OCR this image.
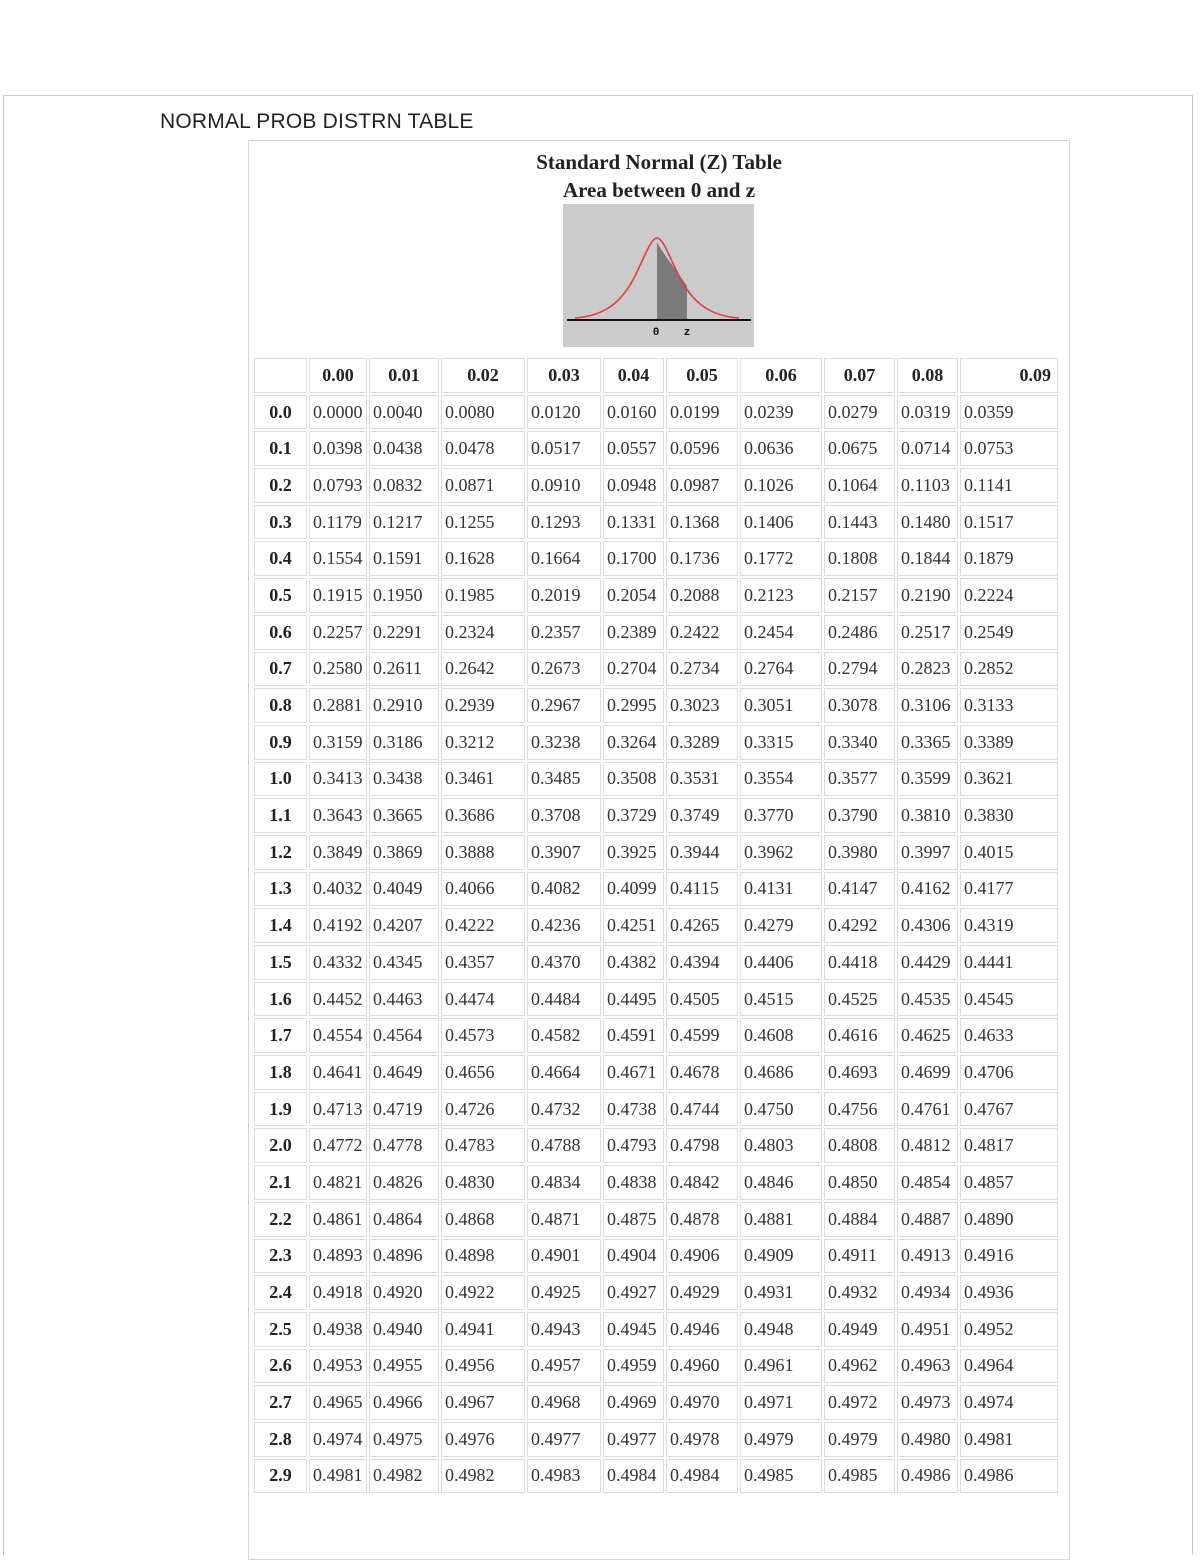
NORMAL PROB DISTRN TABLE
Standard Normal (Z) Table
Area between 0 and z
0 z
	0.00	0.01	0.02	0.03	0.04	0.05	0.06	0.07	0.08	0.09
0.0	0.0000	0.0040	0.0080	0.0120	0.0160	0.0199	0.0239	0.0279	0.0319	0.0359
0.1	0.0398	0.0438	0.0478	0.0517	0.0557	0.0596	0.0636	0.0675	0.0714	0.0753
0.2	0.0793	0.0832	0.0871	0.0910	0.0948	0.0987	0.1026	0.1064	0.1103	0.1141
0.3	0.1179	0.1217	0.1255	0.1293	0.1331	0.1368	0.1406	0.1443	0.1480	0.1517
0.4	0.1554	0.1591	0.1628	0.1664	0.1700	0.1736	0.1772	0.1808	0.1844	0.1879
0.5	0.1915	0.1950	0.1985	0.2019	0.2054	0.2088	0.2123	0.2157	0.2190	0.2224
0.6	0.2257	0.2291	0.2324	0.2357	0.2389	0.2422	0.2454	0.2486	0.2517	0.2549
0.7	0.2580	0.2611	0.2642	0.2673	0.2704	0.2734	0.2764	0.2794	0.2823	0.2852
0.8	0.2881	0.2910	0.2939	0.2967	0.2995	0.3023	0.3051	0.3078	0.3106	0.3133
0.9	0.3159	0.3186	0.3212	0.3238	0.3264	0.3289	0.3315	0.3340	0.3365	0.3389
1.0	0.3413	0.3438	0.3461	0.3485	0.3508	0.3531	0.3554	0.3577	0.3599	0.3621
1.1	0.3643	0.3665	0.3686	0.3708	0.3729	0.3749	0.3770	0.3790	0.3810	0.3830
1.2	0.3849	0.3869	0.3888	0.3907	0.3925	0.3944	0.3962	0.3980	0.3997	0.4015
1.3	0.4032	0.4049	0.4066	0.4082	0.4099	0.4115	0.4131	0.4147	0.4162	0.4177
1.4	0.4192	0.4207	0.4222	0.4236	0.4251	0.4265	0.4279	0.4292	0.4306	0.4319
1.5	0.4332	0.4345	0.4357	0.4370	0.4382	0.4394	0.4406	0.4418	0.4429	0.4441
1.6	0.4452	0.4463	0.4474	0.4484	0.4495	0.4505	0.4515	0.4525	0.4535	0.4545
1.7	0.4554	0.4564	0.4573	0.4582	0.4591	0.4599	0.4608	0.4616	0.4625	0.4633
1.8	0.4641	0.4649	0.4656	0.4664	0.4671	0.4678	0.4686	0.4693	0.4699	0.4706
1.9	0.4713	0.4719	0.4726	0.4732	0.4738	0.4744	0.4750	0.4756	0.4761	0.4767
2.0	0.4772	0.4778	0.4783	0.4788	0.4793	0.4798	0.4803	0.4808	0.4812	0.4817
2.1	0.4821	0.4826	0.4830	0.4834	0.4838	0.4842	0.4846	0.4850	0.4854	0.4857
2.2	0.4861	0.4864	0.4868	0.4871	0.4875	0.4878	0.4881	0.4884	0.4887	0.4890
2.3	0.4893	0.4896	0.4898	0.4901	0.4904	0.4906	0.4909	0.4911	0.4913	0.4916
2.4	0.4918	0.4920	0.4922	0.4925	0.4927	0.4929	0.4931	0.4932	0.4934	0.4936
2.5	0.4938	0.4940	0.4941	0.4943	0.4945	0.4946	0.4948	0.4949	0.4951	0.4952
2.6	0.4953	0.4955	0.4956	0.4957	0.4959	0.4960	0.4961	0.4962	0.4963	0.4964
2.7	0.4965	0.4966	0.4967	0.4968	0.4969	0.4970	0.4971	0.4972	0.4973	0.4974
2.8	0.4974	0.4975	0.4976	0.4977	0.4977	0.4978	0.4979	0.4979	0.4980	0.4981
2.9	0.4981	0.4982	0.4982	0.4983	0.4984	0.4984	0.4985	0.4985	0.4986	0.4986
